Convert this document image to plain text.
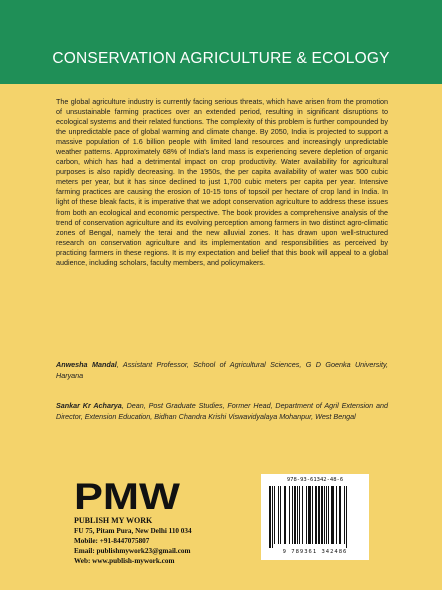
CONSERVATION AGRICULTURE & ECOLOGY
The global agriculture industry is currently facing serious threats, which have arisen from the promotion of unsustainable farming practices over an extended period, resulting in significant disruptions to ecological systems and their related functions. The complexity of this problem is further compounded by the unpredictable pace of global warming and climate change. By 2050, India is projected to support a massive population of 1.6 billion people with limited land resources and increasingly unpredictable weather patterns. Approximately 68% of India's land mass is experiencing severe depletion of organic carbon, which has had a detrimental impact on crop productivity. Water availability for agricultural purposes is also rapidly decreasing. In the 1950s, the per capita availability of water was 500 cubic meters per year, but it has since declined to just 1,700 cubic meters per capita per year. Intensive farming practices are causing the erosion of 10-15 tons of topsoil per hectare of crop land in India. In light of these bleak facts, it is imperative that we adopt conservation agriculture to address these issues from both an ecological and economic perspective. The book provides a comprehensive analysis of the trend of conservation agriculture and its evolving perception among farmers in two distinct agro-climatic zones of Bengal, namely the terai and the new alluvial zones. It has drawn upon well-structured research on conservation agriculture and its implementation and responsibilities as perceived by practicing farmers in these regions. It is my expectation and belief that this book will appeal to a global audience, including scholars, faculty members, and policymakers.
Anwesha Mandal, Assistant Professor, School of Agricultural Sciences, G D Goenka University, Haryana
Sankar Kr Acharya, Dean, Post Graduate Studies, Former Head, Department of Agril Extension and Director, Extension Education, Bidhan Chandra Krishi Viswavidyalaya Mohanpur, West Bengal
PMW
PUBLISH MY WORK
FU 75, Pitam Pura, New Delhi 110 034
Mobile: +91-8447075807
Email: publishmywork23@gmail.com
Web: www.publish-mywork.com
978-93-61342-48-6
9 789361 342486
